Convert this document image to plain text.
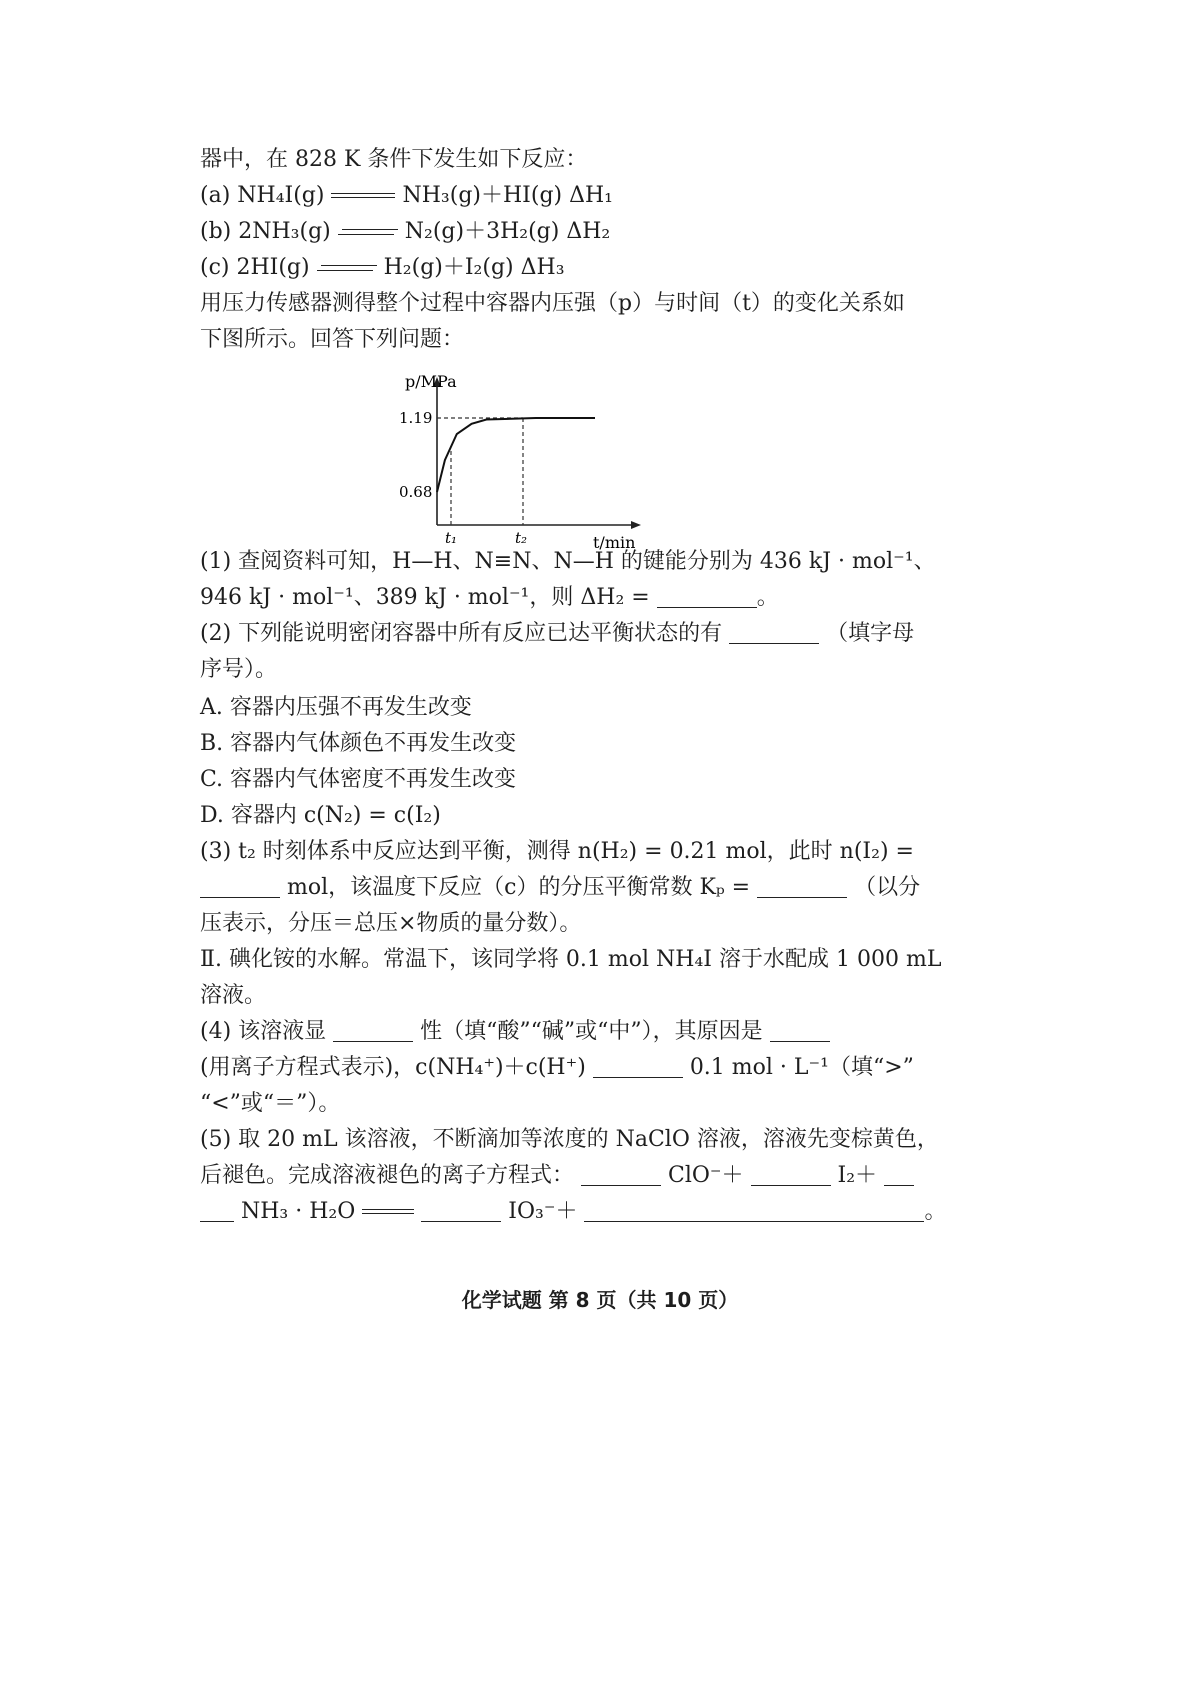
器中，在 828 K 条件下发生如下反应：
(a) NH₄I(g)	NH₃(g)＋HI(g) ΔH₁
(b) 2NH₃(g)	N₂(g)＋3H₂(g) ΔH₂
(c) 2HI(g)	H₂(g)＋I₂(g) ΔH₃
用压力传感器测得整个过程中容器内压强（p）与时间（t）的变化关系如
下图所示。回答下列问题：
(1) 查阅资料可知，H—H、N≡N、N—H 的键能分别为 436 kJ · mol⁻¹、
946 kJ · mol⁻¹、389 kJ · mol⁻¹，则 ΔH₂ =	。
(2) 下列能说明密闭容器中所有反应已达平衡状态的有	（填字母
序号）。
A. 容器内压强不再发生改变
B. 容器内气体颜色不再发生改变
C. 容器内气体密度不再发生改变
D. 容器内 c(N₂) = c(I₂)
(3) t₂ 时刻体系中反应达到平衡，测得 n(H₂) = 0.21 mol，此时 n(I₂) =
mol，该温度下反应（c）的分压平衡常数 Kₚ =	（以分
压表示，分压＝总压×物质的量分数）。
Ⅱ. 碘化铵的水解。常温下，该同学将 0.1 mol NH₄I 溶于水配成 1 000 mL
溶液。
(4) 该溶液显	性（填“酸”“碱”或“中”），其原因是
(用离子方程式表示)，c(NH₄⁺)＋c(H⁺)	0.1 mol · L⁻¹（填“>”
“<”或“＝”）。
(5) 取 20 mL 该溶液，不断滴加等浓度的 NaClO 溶液，溶液先变棕黄色，
后褪色。完成溶液褪色的离子方程式：	ClO⁻＋	I₂＋
NH₃ · H₂O	IO₃⁻＋	。
p/MPa
t/min
1.19
0.68
t₁	t₂
化学试题 第 8 页（共 10 页）
